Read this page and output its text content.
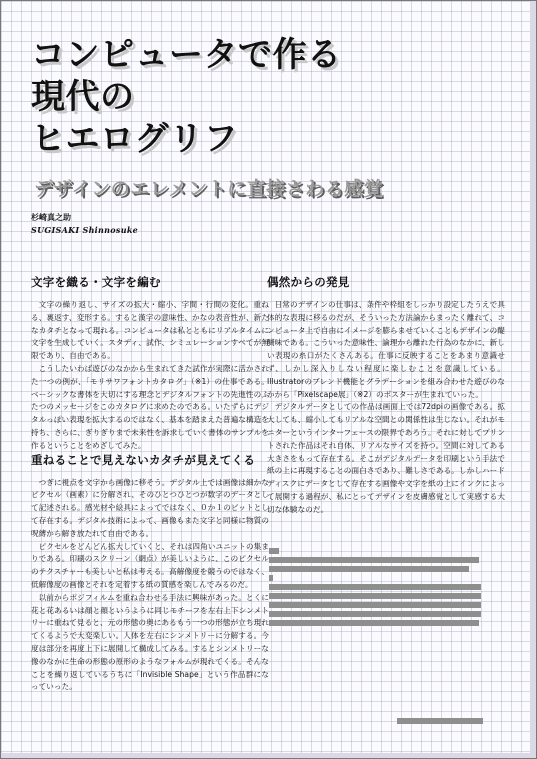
コンピュータで作る
現代の
ヒエログリフ
デザインのエレメントに直接さわる感覚
杉崎真之助
SUGISAKI Shinnosuke
文字を織る・文字を編む

文字の繰り返し、サイズの拡大・縮小、字間・行間の変化。重ねる、裏返す、変形する。すると漢字の意味性、かなの表音性が、新たなカタチとなって現れる。コンピュータは私とともにリアルタイムに文字を生成していく。スタディ、試作、シミュレーションすべてが無限であり、自由である。

こうしたいわば遊びのなかから生まれてきた試作が実際に活かされた一つの例が、「モリサワフォントカタログ」（※1）の仕事である。ベーシックな書体を大切にする理念とデジタルフォントの先進性のふたつのメッセージをこのカタログに求めたのである。いたずらにデジタルっぽい表現を拡大するのではなく、基本を踏まえた普遍な構造を持ち、さらに、ぎりぎりまで未来性を訴求していく書体のサンプルを作るということをめざしてみた。

重ねることで見えないカタチが見えてくる

つぎに視点を文字から画像に移そう。デジタル上では画像は細かなピクセル（画素）に分解され、そのひとつひとつが数字のデータとして記述される。感光材や絵具によってではなく、０か１のビットとして存在する。デジタル技術によって、画像もまた文字と同様に物質の呪縛から解き放たれて自由である。

ピクセルをどんどん拡大していくと、それは四角いユニットの集まりである。印刷のスクリーン（網点）が美しいように、このピクセルのテクスチャーも美しいと私は考える。高解像度を競うのではなく、低解像度の画像とそれを定着する紙の質感を楽しんでみるのだ。

以前からポジフィルムを重ね合わせる手法に興味があった。とくに花と花あるいは顔と顔というように同じモチーフを左右上下シンメトリーに重ねて見ると、元の形態の奥にあるもう一つの形態が立ち現れてくるようで大変楽しい。人体を左右にシンメトリーに分解する。今度は部分を再度上下に展開して構成してみる。するとシンメトリーな像のなかに生命の形態の原形のようなフォルムが現れてくる。そんなことを繰り返しているうちに「Invisible Shape」という作品群になっていった。

偶然からの発見

日常のデザインの仕事は、条件や枠組をしっかり設定したうえで具体的な表現に移るのだが、そういった方法論からまったく離れて、コンピュータ上で自由にイメージを膨らませていくこともデザインの醍醐味である。こういった意味性、論理から離れた行為のなかに、新しい表現の糸口がたくさんある。仕事に反映することをあまり意識せず、しかし深入りしない程度に楽しむことを意識している。Illustratorのブレンド機能とグラデーションを組み合わせた遊びのなかから「Pixelscape展」（※2）のポスターが生まれていった。

デジタルデータとしての作品は画面上では72dpiの画像である。拡大しても、縮小してもリアルな空間との関係性は生じない。それがモニターというインターフェースの限界であろう。それに対してプリントされた作品はそれ自体、リアルなサイズを持つ。空間に対してある大きさをもって存在する。そこがデジタルデータを印刷という手法で紙の上に再現することの面白さであり、難しさである。しかしハードディスクにデータとして存在する画像や文字を紙の上にインクによって展開する過程が、私にとってデザインを皮膚感覚として実感する大切な体験なのだ。
